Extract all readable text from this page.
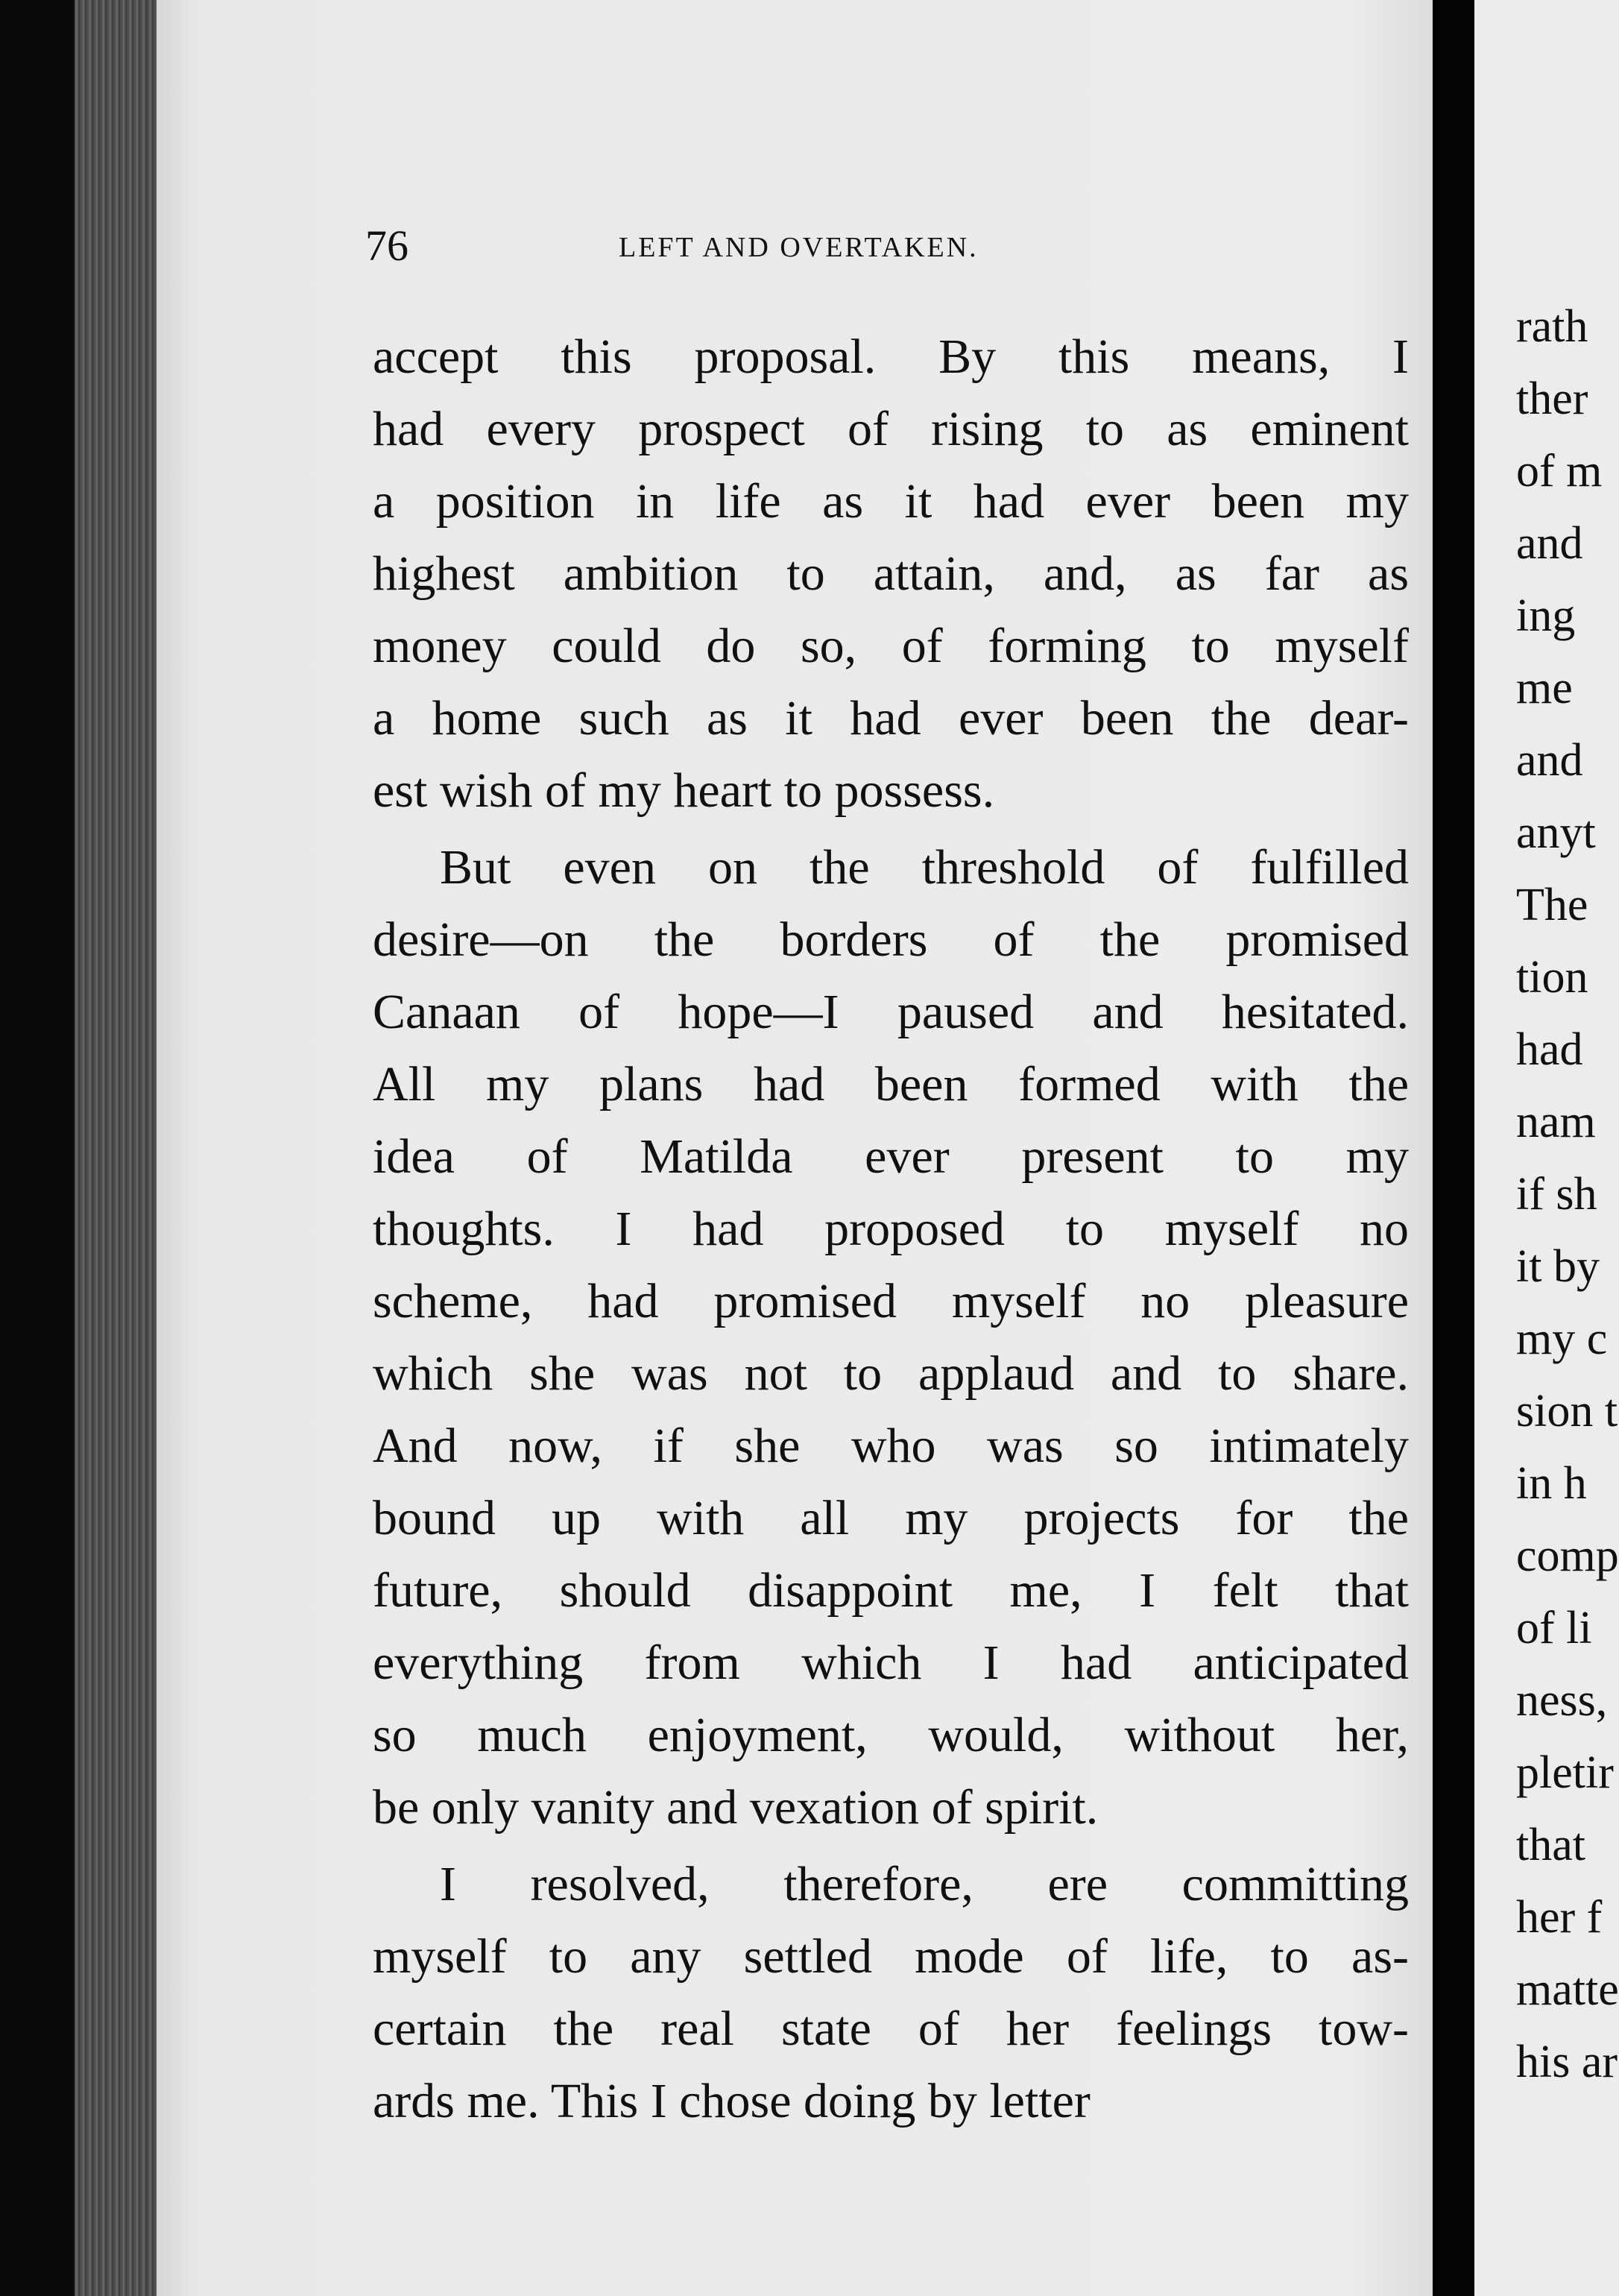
76	LEFT AND OVERTAKEN.
accept this proposal. By this means, I
had every prospect of rising to as eminent
a position in life as it had ever been my
highest ambition to attain, and, as far as
money could do so, of forming to myself
a home such as it had ever been the dear-
est wish of my heart to possess.
But even on the threshold of fulfilled
desire—on the borders of the promised
Canaan of hope—I paused and hesitated.
All my plans had been formed with the
idea of Matilda ever present to my
thoughts. I had proposed to myself no
scheme, had promised myself no pleasure
which she was not to applaud and to share.
And now, if she who was so intimately
bound up with all my projects for the
future, should disappoint me, I felt that
everything from which I had anticipated
so much enjoyment, would, without her,
be only vanity and vexation of spirit.
I resolved, therefore, ere committing
myself to any settled mode of life, to as-
certain the real state of her feelings tow-
ards me. This I chose doing by letter
rath
ther
of m
and
ing
me
and
anyt
The
tion
had
nam
if sh
it by
my c
sion t
in h
comp
of li
ness,
pletir
that
her f
matte
his ar
